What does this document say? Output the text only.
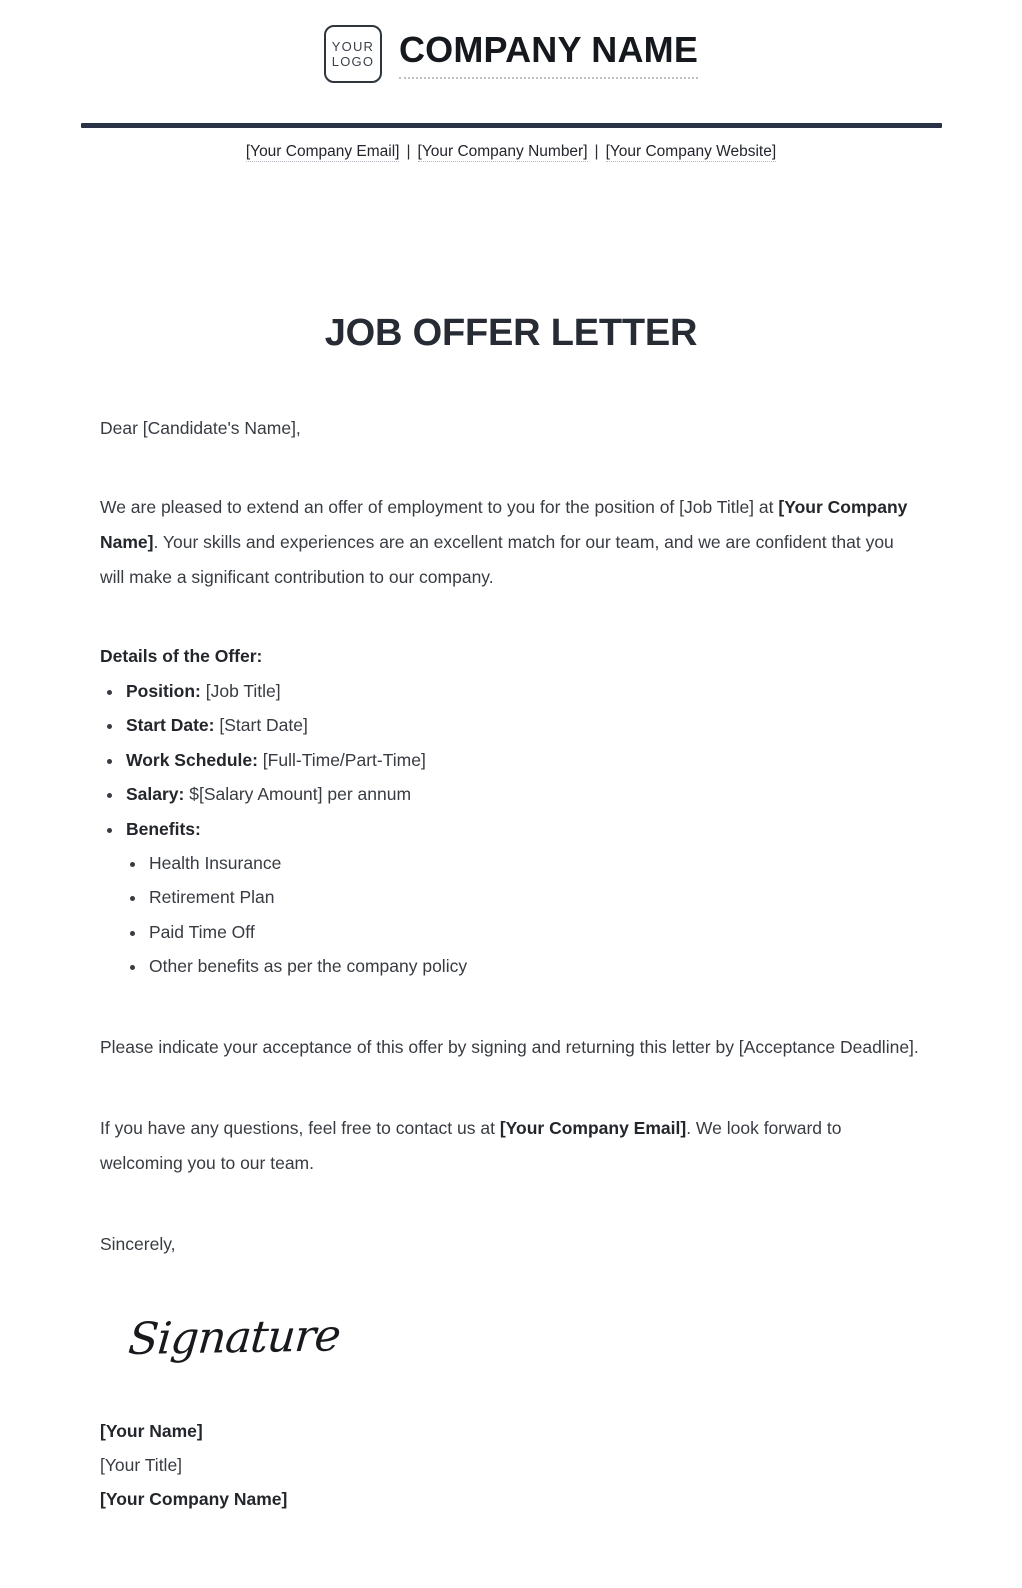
YOUR
LOGO COMPANY NAME
[Your Company Email] | [Your Company Number] | [Your Company Website]
JOB OFFER LETTER

Dear [Candidate's Name],

We are pleased to extend an offer of employment to you for the position of [Job Title] at [Your Company Name]. Your skills and experiences are an excellent match for our team, and we are confident that you will make a significant contribution to our company.

Details of the Offer:

• Position: [Job Title]
• Start Date: [Start Date]
• Work Schedule: [Full-Time/Part-Time]
• Salary: $[Salary Amount] per annum
• Benefits:
• Health Insurance
• Retirement Plan
• Paid Time Off
• Other benefits as per the company policy

Please indicate your acceptance of this offer by signing and returning this letter by [Acceptance Deadline].

If you have any questions, feel free to contact us at [Your Company Email]. We look forward to welcoming you to our team.

Sincerely,

Signature
[Your Name]
[Your Title]
[Your Company Name]
